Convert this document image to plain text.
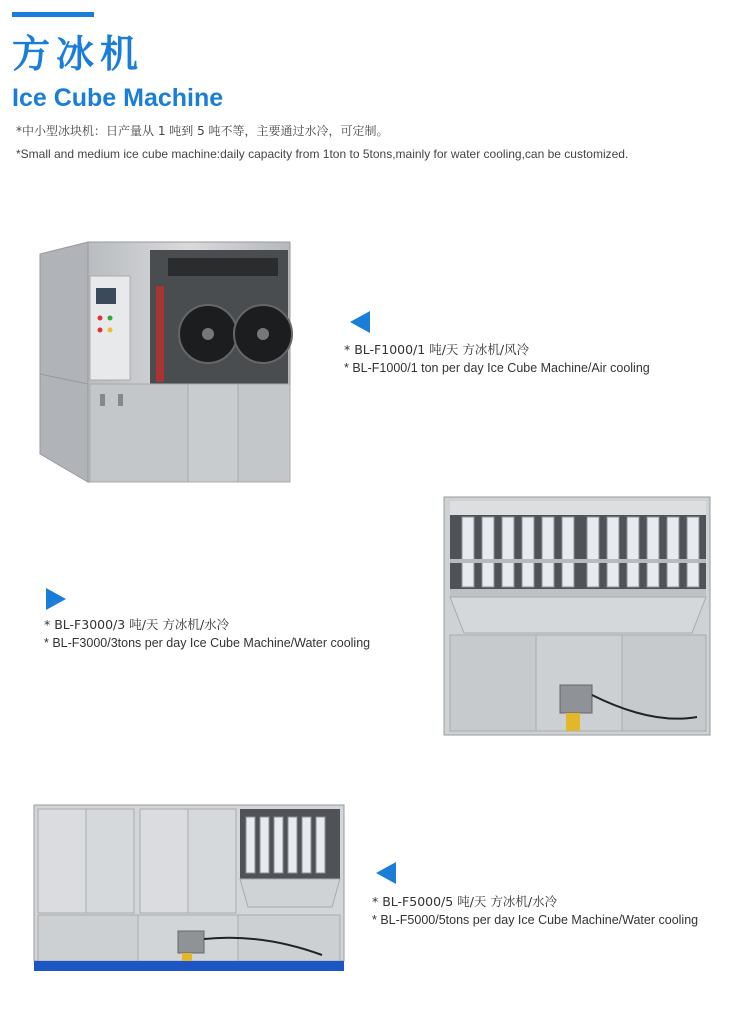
方冰机
Ice Cube Machine
*中小型冰块机：日产量从 1 吨到 5 吨不等，主要通过水冷，可定制。
*Small and medium ice cube machine:daily capacity from 1ton to 5tons,mainly for water cooling,can be customized.
* BL-F1000/1 吨/天 方冰机/风冷
* BL-F1000/1 ton per day Ice Cube Machine/Air cooling
* BL-F3000/3 吨/天 方冰机/水冷
* BL-F3000/3tons per day Ice Cube Machine/Water cooling
* BL-F5000/5 吨/天 方冰机/水冷
* BL-F5000/5tons per day Ice Cube Machine/Water cooling
